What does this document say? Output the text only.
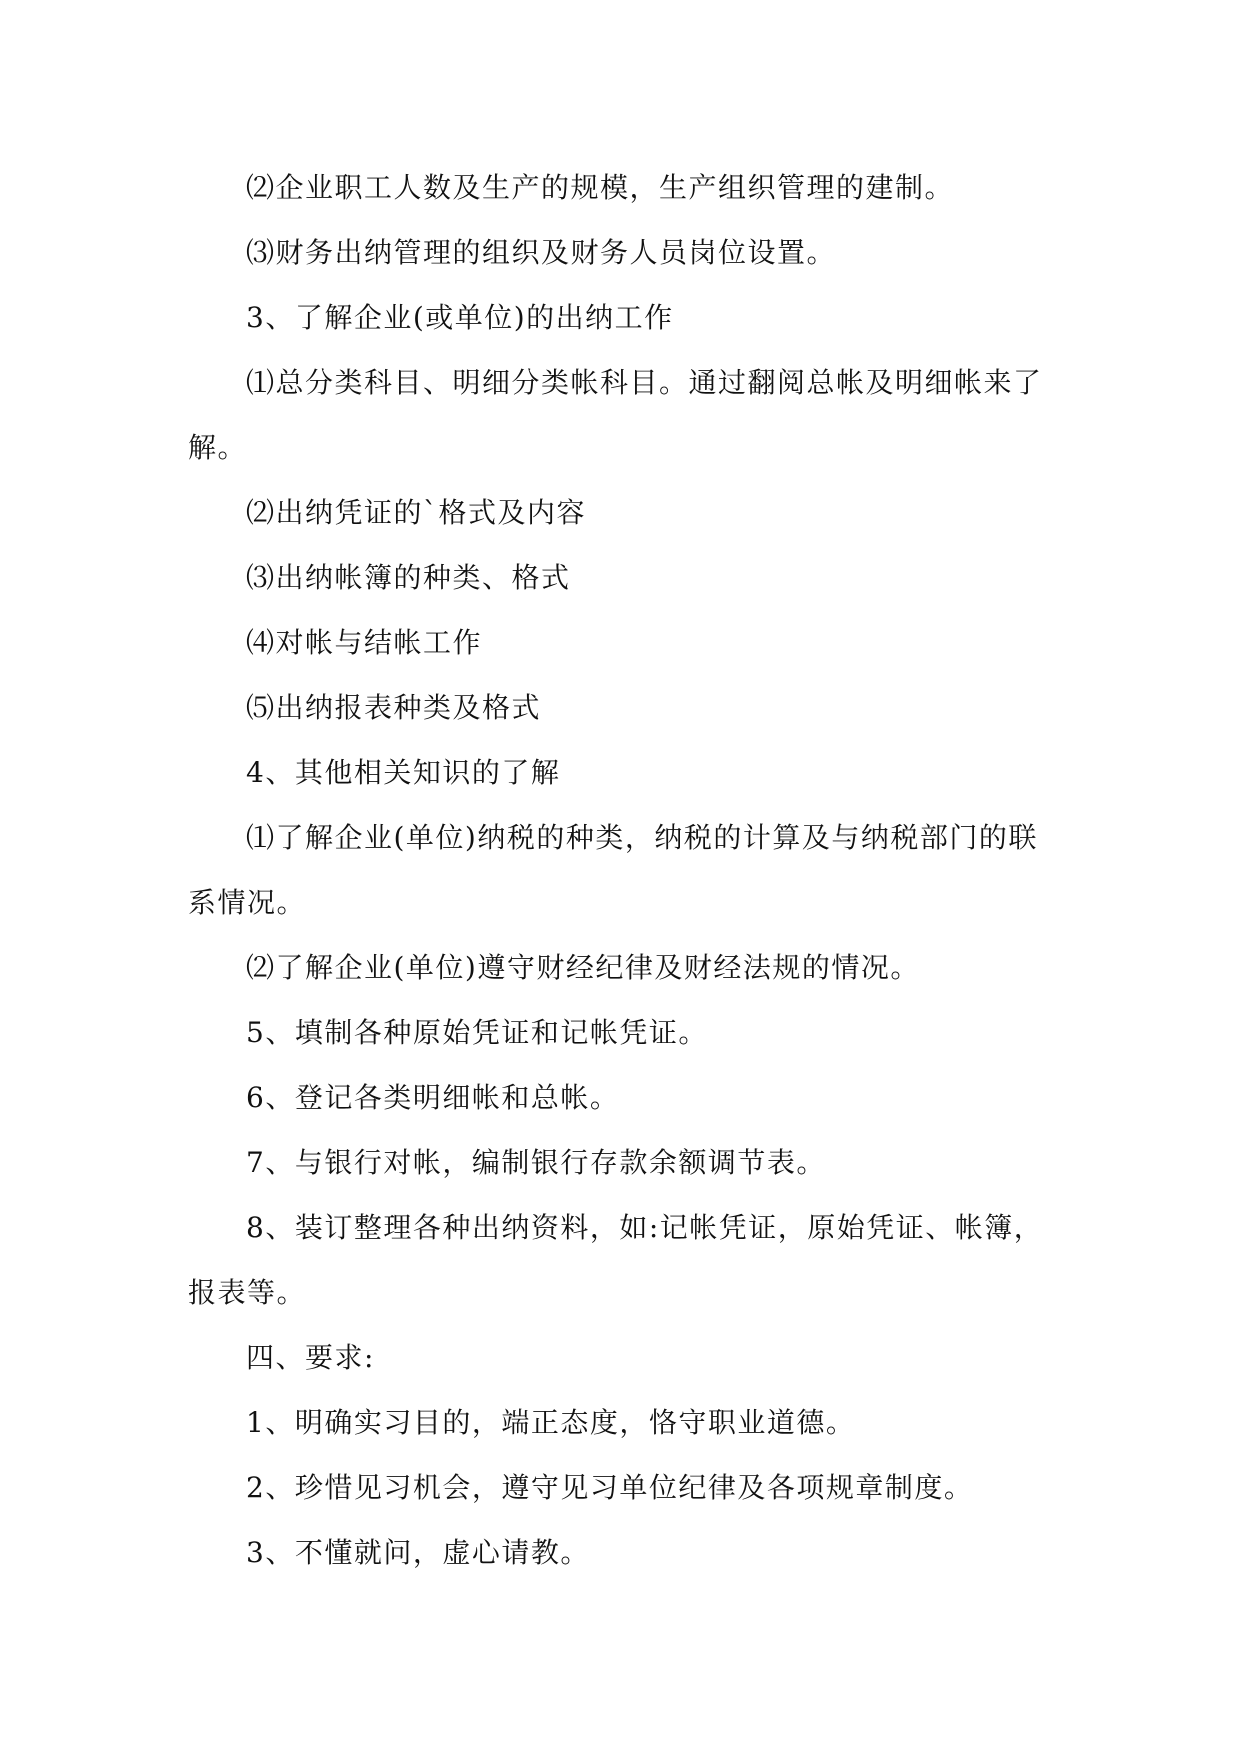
⑵企业职工人数及生产的规模，生产组织管理的建制。

⑶财务出纳管理的组织及财务人员岗位设置。

3、了解企业(或单位)的出纳工作

⑴总分类科目、明细分类帐科目。通过翻阅总帐及明细帐来了解。

⑵出纳凭证的`格式及内容

⑶出纳帐簿的种类、格式

⑷对帐与结帐工作

⑸出纳报表种类及格式

4、其他相关知识的了解

⑴了解企业(单位)纳税的种类，纳税的计算及与纳税部门的联系情况。

⑵了解企业(单位)遵守财经纪律及财经法规的情况。

5、填制各种原始凭证和记帐凭证。

6、登记各类明细帐和总帐。

7、与银行对帐，编制银行存款余额调节表。

8、装订整理各种出纳资料，如:记帐凭证，原始凭证、帐簿，报表等。

四、要求:

1、明确实习目的，端正态度，恪守职业道德。

2、珍惜见习机会，遵守见习单位纪律及各项规章制度。

3、不懂就问，虚心请教。
